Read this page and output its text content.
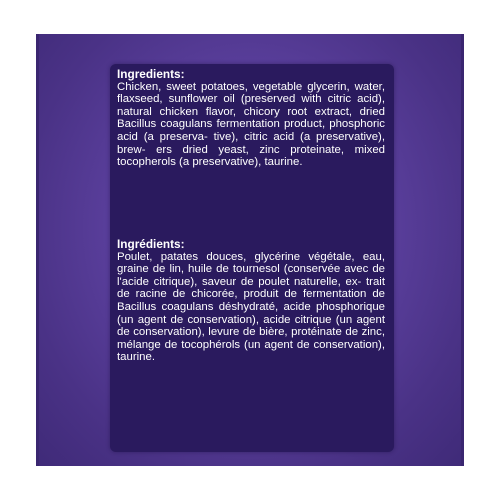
Ingredients:
Chicken, sweet potatoes, vegetable glycerin, water, flaxseed, sunflower oil (preserved with citric acid), natural chicken flavor, chicory root extract, dried Bacillus coagulans fermentation product, phosphoric acid (a preserva- tive), citric acid (a preservative), brew- ers dried yeast, zinc proteinate, mixed tocopherols (a preservative), taurine.
Ingrédients:
Poulet, patates douces, glycérine végétale, eau, graine de lin, huile de tournesol (conservée avec de l'acide citrique), saveur de poulet naturelle, ex- trait de racine de chicorée, produit de fermentation de Bacillus coagulans déshydraté, acide phosphorique (un agent de conservation), acide citrique (un agent de conservation), levure de bière, protéinate de zinc, mélange de tocophérols (un agent de conservation), taurine.
